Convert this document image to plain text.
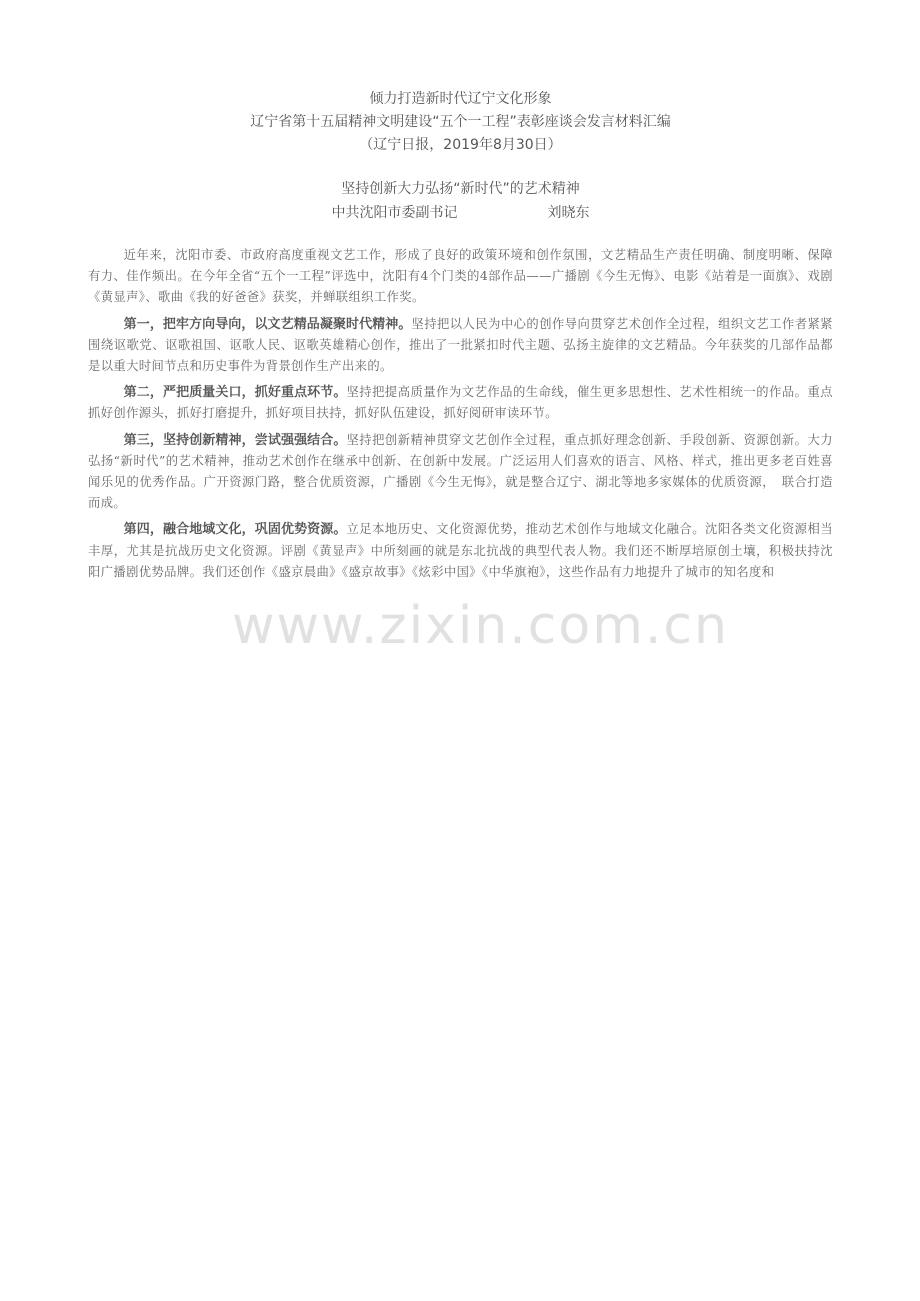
倾力打造新时代辽宁文化形象
辽宁省第十五届精神文明建设“五个一工程”表彰座谈会发言材料汇编
（辽宁日报，2019年8月30日）
坚持创新大力弘扬“新时代”的艺术精神
中共沈阳市委副书记	刘晓东

近年来，沈阳市委、市政府高度重视文艺工作，形成了良好的政策环境和创作氛围，文艺精品生产责任明确、制度明晰、保障有力、佳作频出。在今年全省“五个一工程”评选中，沈阳有4个门类的4部作品——广播剧《今生无悔》、电影《站着是一面旗》、戏剧《黄显声》、歌曲《我的好爸爸》获奖，并蝉联组织工作奖。

第一，把牢方向导向，以文艺精品凝聚时代精神。坚持把以人民为中心的创作导向贯穿艺术创作全过程，组织文艺工作者紧紧围绕讴歌党、讴歌祖国、讴歌人民、讴歌英雄精心创作，推出了一批紧扣时代主题、弘扬主旋律的文艺精品。今年获奖的几部作品都是以重大时间节点和历史事件为背景创作生产出来的。

第二，严把质量关口，抓好重点环节。坚持把提高质量作为文艺作品的生命线，催生更多思想性、艺术性相统一的作品。重点抓好创作源头，抓好打磨提升，抓好项目扶持，抓好队伍建设，抓好阅研审读环节。

第三，坚持创新精神，尝试强强结合。坚持把创新精神贯穿文艺创作全过程，重点抓好理念创新、手段创新、资源创新。大力弘扬“新时代”的艺术精神，推动艺术创作在继承中创新、在创新中发展。广泛运用人们喜欢的语言、风格、样式，推出更多老百姓喜闻乐见的优秀作品。广开资源门路，整合优质资源，广播剧《今生无悔》，就是整合辽宁、湖北等地多家媒体的优质资源，　联合打造而成。

第四，融合地域文化，巩固优势资源。立足本地历史、文化资源优势，推动艺术创作与地域文化融合。沈阳各类文化资源相当丰厚，尤其是抗战历史文化资源。评剧《黄显声》中所刻画的就是东北抗战的典型代表人物。我们还不断厚培原创土壤，积极扶持沈阳广播剧优势品牌。我们还创作《盛京晨曲》《盛京故事》《炫彩中国》《中华旗袍》，这些作品有力地提升了城市的知名度和

www.zixin.com.cn
